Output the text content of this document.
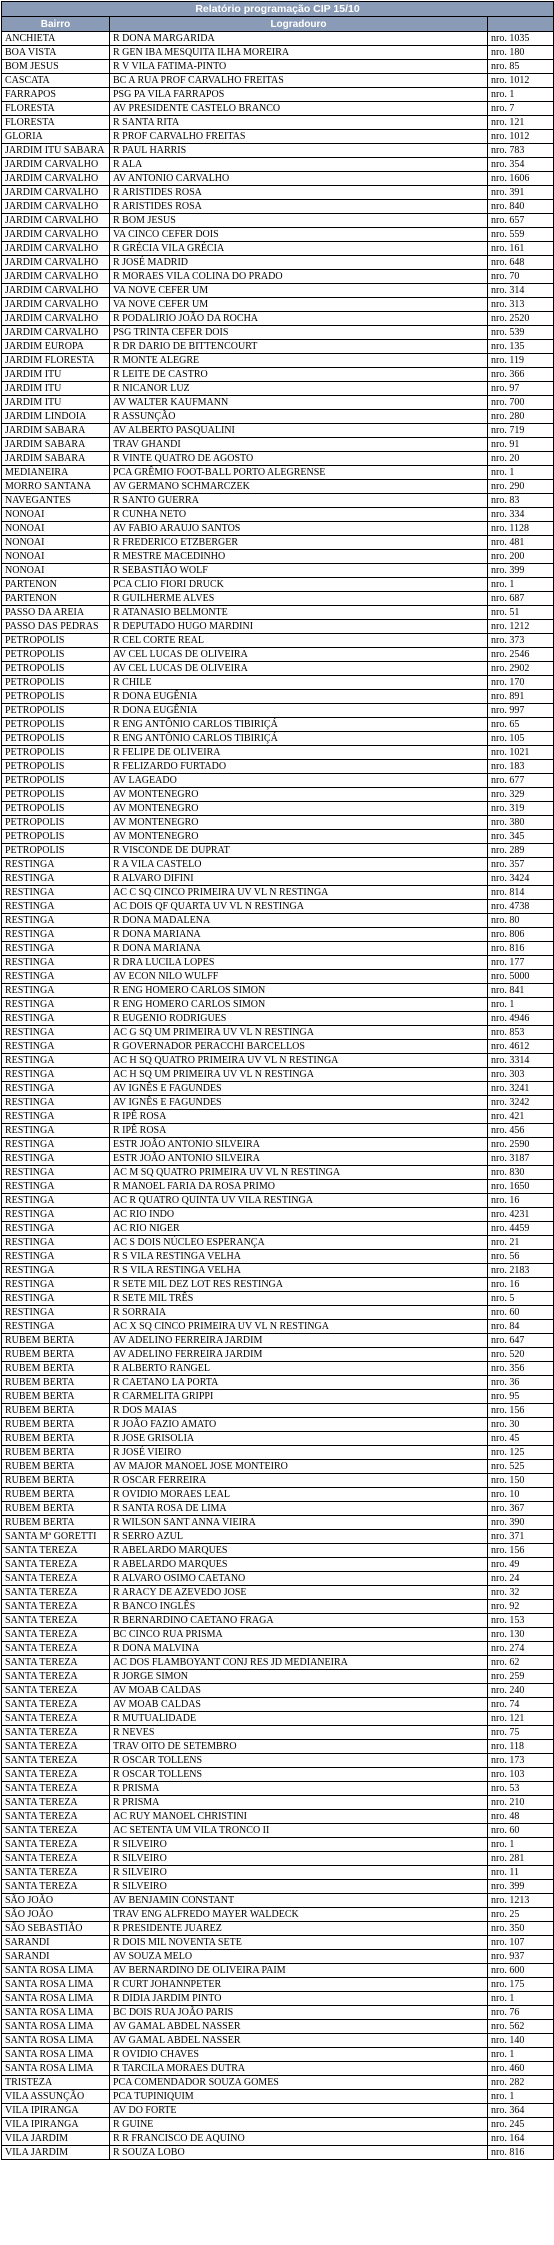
Relatório programação CIP 15/10		
Bairro	Logradouro	
ANCHIETA	R DONA MARGARIDA	nro. 1035
BOA VISTA	R GEN IBA MESQUITA ILHA MOREIRA	nro. 180
BOM JESUS	R V VILA FATIMA-PINTO	nro. 85
CASCATA	BC A RUA PROF CARVALHO FREITAS	nro. 1012
FARRAPOS	PSG PA VILA FARRAPOS	nro. 1
FLORESTA	AV PRESIDENTE CASTELO BRANCO	nro. 7
FLORESTA	R SANTA RITA	nro. 121
GLORIA	R PROF CARVALHO FREITAS	nro. 1012
JARDIM ITU SABARA	R PAUL HARRIS	nro. 783
JARDIM CARVALHO	R ALA	nro. 354
JARDIM CARVALHO	AV ANTONIO CARVALHO	nro. 1606
JARDIM CARVALHO	R ARISTIDES ROSA	nro. 391
JARDIM CARVALHO	R ARISTIDES ROSA	nro. 840
JARDIM CARVALHO	R BOM JESUS	nro. 657
JARDIM CARVALHO	VA CINCO CEFER DOIS	nro. 559
JARDIM CARVALHO	R GRÉCIA VILA GRÉCIA	nro. 161
JARDIM CARVALHO	R JOSÉ MADRID	nro. 648
JARDIM CARVALHO	R MORAES VILA COLINA DO PRADO	nro. 70
JARDIM CARVALHO	VA NOVE CEFER UM	nro. 314
JARDIM CARVALHO	VA NOVE CEFER UM	nro. 313
JARDIM CARVALHO	R PODALIRIO JOÃO DA ROCHA	nro. 2520
JARDIM CARVALHO	PSG TRINTA CEFER DOIS	nro. 539
JARDIM EUROPA	R DR DARIO DE BITTENCOURT	nro. 135
JARDIM FLORESTA	R MONTE ALEGRE	nro. 119
JARDIM ITU	R LEITE DE CASTRO	nro. 366
JARDIM ITU	R NICANOR LUZ	nro. 97
JARDIM ITU	AV WALTER KAUFMANN	nro. 700
JARDIM LINDOIA	R ASSUNÇÃO	nro. 280
JARDIM SABARA	AV ALBERTO PASQUALINI	nro. 719
JARDIM SABARA	TRAV GHANDI	nro. 91
JARDIM SABARA	R VINTE QUATRO DE AGOSTO	nro. 20
MEDIANEIRA	PCA GRÊMIO FOOT-BALL PORTO ALEGRENSE	nro. 1
MORRO SANTANA	AV GERMANO SCHMARCZEK	nro. 290
NAVEGANTES	R SANTO GUERRA	nro. 83
NONOAI	R CUNHA NETO	nro. 334
NONOAI	AV FABIO ARAUJO SANTOS	nro. 1128
NONOAI	R FREDERICO ETZBERGER	nro. 481
NONOAI	R MESTRE MACEDINHO	nro. 200
NONOAI	R SEBASTIÃO WOLF	nro. 399
PARTENON	PCA CLIO FIORI DRUCK	nro. 1
PARTENON	R GUILHERME ALVES	nro. 687
PASSO DA AREIA	R ATANASIO BELMONTE	nro. 51
PASSO DAS PEDRAS	R DEPUTADO HUGO MARDINI	nro. 1212
PETROPOLIS	R CEL CORTE REAL	nro. 373
PETROPOLIS	AV CEL LUCAS DE OLIVEIRA	nro. 2546
PETROPOLIS	AV CEL LUCAS DE OLIVEIRA	nro. 2902
PETROPOLIS	R CHILE	nro. 170
PETROPOLIS	R DONA EUGÊNIA	nro. 891
PETROPOLIS	R DONA EUGÊNIA	nro. 997
PETROPOLIS	R ENG ANTÔNIO CARLOS TIBIRIÇÁ	nro. 65
PETROPOLIS	R ENG ANTÔNIO CARLOS TIBIRIÇÁ	nro. 105
PETROPOLIS	R FELIPE DE OLIVEIRA	nro. 1021
PETROPOLIS	R FELIZARDO FURTADO	nro. 183
PETROPOLIS	AV LAGEADO	nro. 677
PETROPOLIS	AV MONTENEGRO	nro. 329
PETROPOLIS	AV MONTENEGRO	nro. 319
PETROPOLIS	AV MONTENEGRO	nro. 380
PETROPOLIS	AV MONTENEGRO	nro. 345
PETROPOLIS	R VISCONDE DE DUPRAT	nro. 289
RESTINGA	R A VILA CASTELO	nro. 357
RESTINGA	R ALVARO DIFINI	nro. 3424
RESTINGA	AC C SQ CINCO PRIMEIRA UV VL N RESTINGA	nro. 814
RESTINGA	AC DOIS QF QUARTA UV VL N RESTINGA	nro. 4738
RESTINGA	R DONA MADALENA	nro. 80
RESTINGA	R DONA MARIANA	nro. 806
RESTINGA	R DONA MARIANA	nro. 816
RESTINGA	R DRA LUCILA LOPES	nro. 177
RESTINGA	AV ECON NILO WULFF	nro. 5000
RESTINGA	R ENG HOMERO CARLOS SIMON	nro. 841
RESTINGA	R ENG HOMERO CARLOS SIMON	nro. 1
RESTINGA	R EUGENIO RODRIGUES	nro. 4946
RESTINGA	AC G SQ UM PRIMEIRA UV VL N RESTINGA	nro. 853
RESTINGA	R GOVERNADOR PERACCHI BARCELLOS	nro. 4612
RESTINGA	AC H SQ QUATRO PRIMEIRA UV VL N RESTINGA	nro. 3314
RESTINGA	AC H SQ UM PRIMEIRA UV VL N RESTINGA	nro. 303
RESTINGA	AV IGNÊS E FAGUNDES	nro. 3241
RESTINGA	AV IGNÊS E FAGUNDES	nro. 3242
RESTINGA	R IPÊ ROSA	nro. 421
RESTINGA	R IPÊ ROSA	nro. 456
RESTINGA	ESTR JOÃO ANTONIO SILVEIRA	nro. 2590
RESTINGA	ESTR JOÃO ANTONIO SILVEIRA	nro. 3187
RESTINGA	AC M SQ QUATRO PRIMEIRA UV VL N RESTINGA	nro. 830
RESTINGA	R MANOEL FARIA DA ROSA PRIMO	nro. 1650
RESTINGA	AC R QUATRO QUINTA UV VILA RESTINGA	nro. 16
RESTINGA	AC RIO INDO	nro. 4231
RESTINGA	AC RIO NIGER	nro. 4459
RESTINGA	AC S DOIS NÚCLEO ESPERANÇA	nro. 21
RESTINGA	R S VILA RESTINGA VELHA	nro. 56
RESTINGA	R S VILA RESTINGA VELHA	nro. 2183
RESTINGA	R SETE MIL DEZ LOT RES RESTINGA	nro. 16
RESTINGA	R SETE MIL TRÊS	nro. 5
RESTINGA	R SORRAIA	nro. 60
RESTINGA	AC X SQ CINCO PRIMEIRA UV VL N RESTINGA	nro. 84
RUBEM BERTA	AV ADELINO FERREIRA JARDIM	nro. 647
RUBEM BERTA	AV ADELINO FERREIRA JARDIM	nro. 520
RUBEM BERTA	R ALBERTO RANGEL	nro. 356
RUBEM BERTA	R CAETANO LA PORTA	nro. 36
RUBEM BERTA	R CARMELITA GRIPPI	nro. 95
RUBEM BERTA	R DOS MAIAS	nro. 156
RUBEM BERTA	R JOÃO FAZIO AMATO	nro. 30
RUBEM BERTA	R JOSE GRISOLIA	nro. 45
RUBEM BERTA	R JOSÉ VIEIRO	nro. 125
RUBEM BERTA	AV MAJOR MANOEL JOSE MONTEIRO	nro. 525
RUBEM BERTA	R OSCAR FERREIRA	nro. 150
RUBEM BERTA	R OVIDIO MORAES LEAL	nro. 10
RUBEM BERTA	R SANTA ROSA DE LIMA	nro. 367
RUBEM BERTA	R WILSON SANT ANNA VIEIRA	nro. 390
SANTA Mª GORETTI	R SERRO AZUL	nro. 371
SANTA TEREZA	R ABELARDO MARQUES	nro. 156
SANTA TEREZA	R ABELARDO MARQUES	nro. 49
SANTA TEREZA	R ALVARO OSIMO CAETANO	nro. 24
SANTA TEREZA	R ARACY DE AZEVEDO JOSE	nro. 32
SANTA TEREZA	R BANCO INGLÊS	nro. 92
SANTA TEREZA	R BERNARDINO CAETANO FRAGA	nro. 153
SANTA TEREZA	BC CINCO RUA PRISMA	nro. 130
SANTA TEREZA	R DONA MALVINA	nro. 274
SANTA TEREZA	AC DOS FLAMBOYANT CONJ RES JD MEDIANEIRA	nro. 62
SANTA TEREZA	R JORGE SIMON	nro. 259
SANTA TEREZA	AV MOAB CALDAS	nro. 240
SANTA TEREZA	AV MOAB CALDAS	nro. 74
SANTA TEREZA	R MUTUALIDADE	nro. 121
SANTA TEREZA	R NEVES	nro. 75
SANTA TEREZA	TRAV OITO DE SETEMBRO	nro. 118
SANTA TEREZA	R OSCAR TOLLENS	nro. 173
SANTA TEREZA	R OSCAR TOLLENS	nro. 103
SANTA TEREZA	R PRISMA	nro. 53
SANTA TEREZA	R PRISMA	nro. 210
SANTA TEREZA	AC RUY MANOEL CHRISTINI	nro. 48
SANTA TEREZA	AC SETENTA UM VILA TRONCO II	nro. 60
SANTA TEREZA	R SILVEIRO	nro. 1
SANTA TEREZA	R SILVEIRO	nro. 281
SANTA TEREZA	R SILVEIRO	nro. 11
SANTA TEREZA	R SILVEIRO	nro. 399
SÃO JOÃO	AV BENJAMIN CONSTANT	nro. 1213
SÃO JOÃO	TRAV ENG ALFREDO MAYER WALDECK	nro. 25
SÃO SEBASTIÃO	R PRESIDENTE JUAREZ	nro. 350
SARANDI	R DOIS MIL NOVENTA SETE	nro. 107
SARANDI	AV SOUZA MELO	nro. 937
SANTA ROSA LIMA	AV BERNARDINO DE OLIVEIRA PAIM	nro. 600
SANTA ROSA LIMA	R CURT JOHANNPETER	nro. 175
SANTA ROSA LIMA	R DIDIA JARDIM PINTO	nro. 1
SANTA ROSA LIMA	BC DOIS RUA JOÃO PARIS	nro. 76
SANTA ROSA LIMA	AV GAMAL ABDEL NASSER	nro. 562
SANTA ROSA LIMA	AV GAMAL ABDEL NASSER	nro. 140
SANTA ROSA LIMA	R OVIDIO CHAVES	nro. 1
SANTA ROSA LIMA	R TARCILA MORAES DUTRA	nro. 460
TRISTEZA	PCA COMENDADOR SOUZA GOMES	nro. 282
VILA ASSUNÇÃO	PCA TUPINIQUIM	nro. 1
VILA IPIRANGA	AV DO FORTE	nro. 364
VILA IPIRANGA	R GUINE	nro. 245
VILA JARDIM	R R FRANCISCO DE AQUINO	nro. 164
VILA JARDIM	R SOUZA LOBO	nro. 816
